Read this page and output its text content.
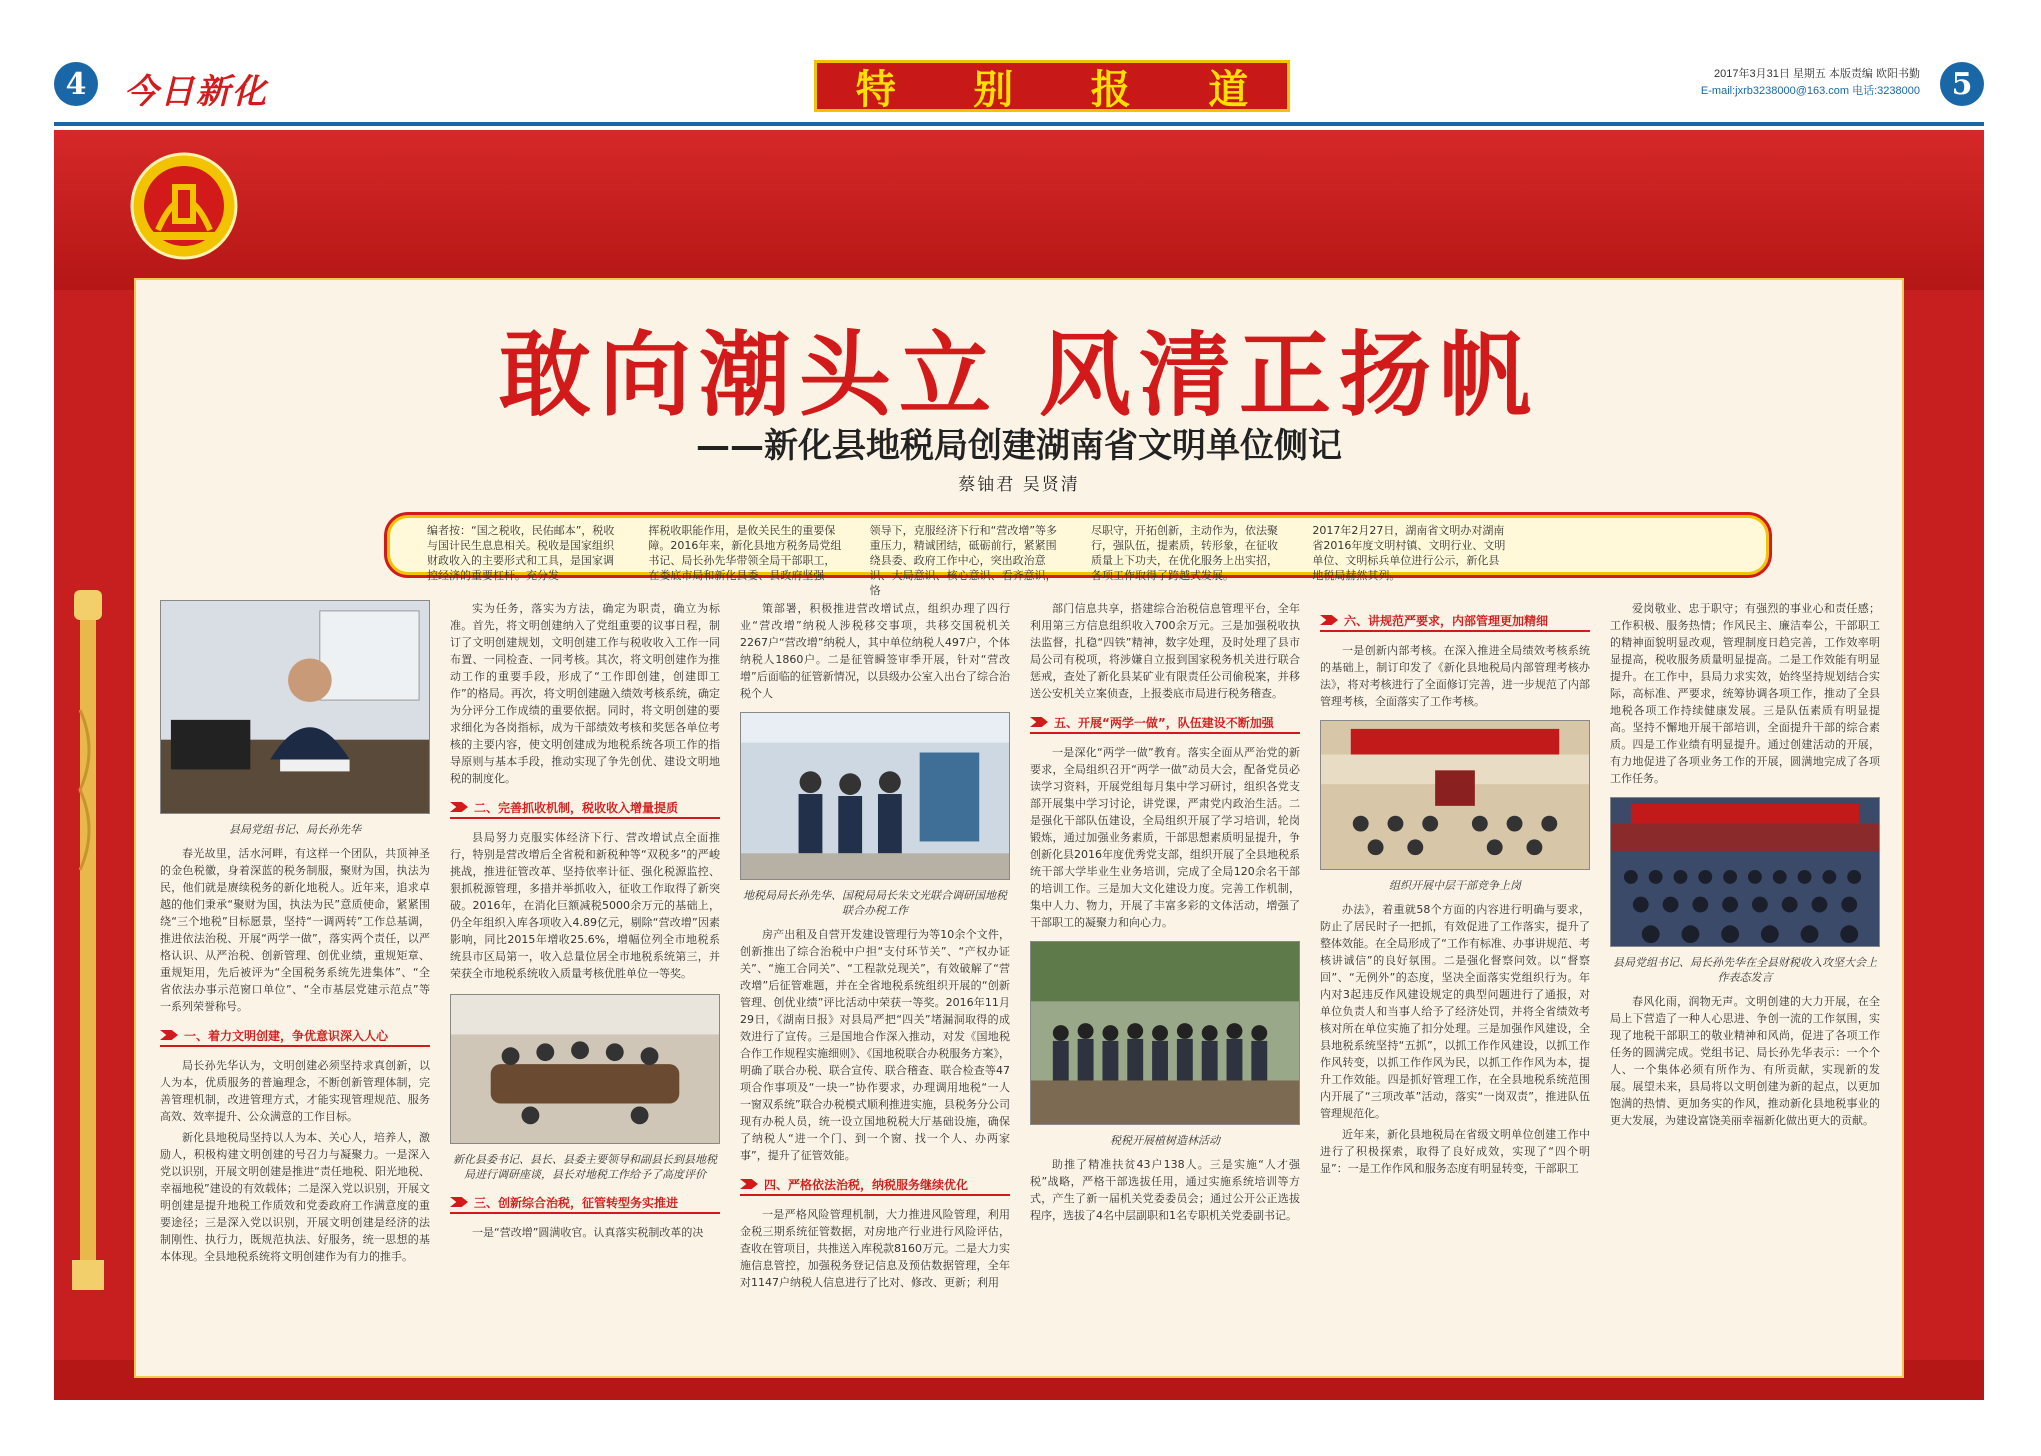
4	今日新化	特 别 报 道	2017年3月31日 星期五 本版责编 欧阳书勤
E-mail:jxrb3238000@163.com 电话:3238000	5
敢向潮头立 风清正扬帆
——新化县地税局创建湖南省文明单位侧记
蔡铀君 吴贤清

编者按：“国之税收，民佑邮本”，税收与国计民生息息相关。税收是国家组织财政收入的主要形式和工具，是国家调控经济的重要杠杆。充分发

挥税收职能作用，是攸关民生的重要保障。2016年来，新化县地方税务局党组书记、局长孙先华带领全局干部职工，在娄底市局和新化县委、县政府坚强

领导下，克服经济下行和“营改增”等多重压力，精诚团结，砥砺前行，紧紧围绕县委、政府工作中心，突出政治意识、大局意识、核心意识、看齐意识，恪

尽职守，开拓创新，主动作为，依法聚行，强队伍，提素质，转形象，在征收质量上下功夫，在优化服务上出实招，各项工作取得了跨越式发展。

2017年2月27日，湖南省文明办对湖南省2016年度文明村镇、文明行业、文明单位、文明标兵单位进行公示，新化县地税局赫然其列。

县局党组书记、局长孙先华

春光故里，活水河畔，有这样一个团队，共顶神圣的金色税徽，身着深蓝的税务制服，聚财为国，执法为民，他们就是赓续税务的新化地税人。近年来，追求卓越的他们秉承“聚财为国，执法为民”意质使命，紧紧围绕“三个地税”目标愿景，坚持“一调两转”工作总基调，推进依法治税、开展“两学一做”，落实两个责任，以严格认识、从严治税、创新管理、创优业绩，重规矩章、重规矩用，先后被评为“全国税务系统先进集体”、“全省依法办事示范窗口单位”、“全市基层党建示范点”等一系列荣誉称号。

一、着力文明创建，争优意识深入人心

局长孙先华认为，文明创建必须坚持求真创新，以人为本，优质服务的普遍理念，不断创新管理体制，完善管理机制，改进管理方式，才能实现管理规范、服务高效、效率提升、公众满意的工作目标。

新化县地税局坚持以人为本、关心人，培养人，激励人，积极构建文明创建的号召力与凝聚力。一是深入党以识别，开展文明创建是推进“责任地税、阳光地税、幸福地税”建设的有效载体；二是深入党以识别，开展文明创建是提升地税工作质效和党委政府工作满意度的重要途径；三是深入党以识别，开展文明创建是经济的法制刚性、执行力，既规范执法、好服务，统一思想的基本体现。全县地税系统将文明创建作为有力的推手。

实为任务，落实为方法，确定为职责，确立为标准。首先，将文明创建纳入了党组重要的议事日程，制订了文明创建规划，文明创建工作与税收收入工作一同布置、一同检查、一同考核。其次，将文明创建作为推动工作的重要手段，形成了“工作即创建，创建即工作”的格局。再次，将文明创建融入绩效考核系统，确定为分评分工作成绩的重要依据。同时，将文明创建的要求细化为各岗指标，成为干部绩效考核和奖惩各单位考核的主要内容，使文明创建成为地税系统各项工作的指导原则与基本手段，推动实现了争先创优、建设文明地税的制度化。

二、完善抓收机制，税收收入增量提质

县局努力克服实体经济下行、营改增试点全面推行，特别是营改增后全省税和新税种等“双税多”的严峻挑战，推进征管改革、坚持依率计征、强化税源监控、狠抓税源管理，多措并举抓收入，征收工作取得了新突破。2016年，在消化巨额减税5000余万元的基础上，仍全年组织入库各项收入4.89亿元，剔除“营改增”因素影响，同比2015年增收25.6%，增幅位列全市地税系统县市区局第一，收入总量位居全市地税系统第三，并荣获全市地税系统收入质量考核优胜单位一等奖。

新化县委书记、县长、县委主要领导和副县长到县地税局进行调研座谈，县长对地税工作给予了高度评价
三、创新综合治税，征管转型务实推进

一是“营改增”圆满收官。认真落实税制改革的决

策部署，积极推进营改增试点，组织办理了四行业“营改增”纳税人涉税移交事项，共移交国税机关2267户“营改增”纳税人，其中单位纳税人497户，个体纳税人1860户。二是征管瞬签审季开展，针对“营改增”后面临的征管新情况，以县级办公室入出台了综合治税个人

地税局局长孙先华、国税局局长朱文光联合调研国地税联合办税工作

房产出租及自营开发建设管理行为等10余个文件，创新推出了综合治税中户担“支付环节关”、“产权办证关”、“施工合同关”、“工程款兑现关”，有效破解了“营改增”后征管难题，并在全省地税系统组织开展的“创新管理、创优业绩”评比活动中荣获一等奖。2016年11月29日，《湖南日报》对县局严把“四关”堵漏洞取得的成效进行了宣传。三是国地合作深入推动，对发《国地税合作工作规程实施细则》、《国地税联合办税服务方案》，明确了联合办税、联合宣传、联合稽查、联合检查等47项合作事项及“一块一”协作要求，办理调用地税“一人一窗双系统”联合办税模式顺利推进实施，县税务分公司现有办税人员，统一设立国地税税大厅基础设施，确保了纳税人“进一个门、到一个窗、找一个人、办两家事”，提升了征管效能。

四、严格依法治税，纳税服务继续优化

一是严格风险管理机制，大力推进风险管理，利用金税三期系统征管数据，对房地产行业进行风险评估，查收在管项目，共推送入库税款8160万元。二是大力实施信息管控，加强税务登记信息及预估数据管理，全年对1147户纳税人信息进行了比对、修改、更新；利用

部门信息共享，搭建综合治税信息管理平台，全年利用第三方信息组织收入700余万元。三是加强税收执法监督，扎稳“四铁”精神，数字处理，及时处理了县市局公司有税项，将涉嫌自立报到国家税务机关进行联合惩戒，查处了新化县某矿业有限责任公司偷税案，并移送公安机关立案侦查，上报娄底市局进行税务稽查。

五、开展“两学一做”，队伍建设不断加强

一是深化“两学一做”教育。落实全面从严治党的新要求，全局组织召开“两学一做”动员大会，配备党员必读学习资料，开展党组每月集中学习研讨，组织各党支部开展集中学习讨论，讲党课，严肃党内政治生活。二是强化干部队伍建设，全局组织开展了学习培训，轮岗锻炼，通过加强业务素质，干部思想素质明显提升，争创新化县2016年度优秀党支部，组织开展了全县地税系统干部大学毕业生业务培训，完成了全局120余名干部的培训工作。三是加大文化建设力度。完善工作机制，集中人力、物力，开展了丰富多彩的文体活动，增强了干部职工的凝聚力和向心力。

税税开展植树造林活动

助推了精准扶贫43户138人。三是实施“人才强税”战略，严格干部选拔任用，通过实施系统培训等方式，产生了新一届机关党委委员会；通过公开公正选拔程序，选拔了4名中层副职和1名专职机关党委副书记。

六、讲规范严要求，内部管理更加精细

一是创新内部考核。在深入推进全局绩效考核系统的基础上，制订印发了《新化县地税局内部管理考核办法》，将对考核进行了全面修订完善，进一步规范了内部管理考核，全面落实了工作考核。

组织开展中层干部竞争上岗

办法》，着重就58个方面的内容进行明确与要求，防止了居民时子一把抓，有效促进了工作落实，提升了整体效能。在全局形成了“工作有标准、办事讲规范、考核讲诚信”的良好氛围。二是强化督察问效。以“督察回”、“无例外”的态度，坚决全面落实党组织行为。年内对3起违反作风建设规定的典型问题进行了通报，对单位负责人和当事人给予了经济处罚，并将全省绩效考核对所在单位实施了扣分处理。三是加强作风建设，全县地税系统坚持“五抓”，以抓工作作风建设，以抓工作作风转变，以抓工作作风为民，以抓工作作风为本，提升工作效能。四是抓好管理工作，在全县地税系统范围内开展了“三项改革”活动，落实“一岗双责”，推进队伍管理规范化。

近年来，新化县地税局在省级文明单位创建工作中进行了积极探索，取得了良好成效，实现了“四个明显”：一是工作作风和服务态度有明显转变，干部职工

爱岗敬业、忠于职守；有强烈的事业心和责任感；工作积极、服务热情；作风民主、廉洁奉公，干部职工的精神面貌明显改观，管理制度日趋完善，工作效率明显提高，税收服务质量明显提高。二是工作效能有明显提升。在工作中，县局力求实效，始终坚持规划结合实际，高标准、严要求，统筹协调各项工作，推动了全县地税各项工作持续健康发展。三是队伍素质有明显提高。坚持不懈地开展干部培训，全面提升干部的综合素质。四是工作业绩有明显提升。通过创建活动的开展，有力地促进了各项业务工作的开展，圆满地完成了各项工作任务。

县局党组书记、局长孙先华在全县财税收入攻坚大会上作表态发言

春风化雨，润物无声。文明创建的大力开展，在全局上下营造了一种人心思进、争创一流的工作氛围，实现了地税干部职工的敬业精神和风尚，促进了各项工作任务的圆满完成。党组书记、局长孙先华表示：一个个人、一个集体必须有所作为、有所贡献，实现新的发展。展望未来，县局将以文明创建为新的起点，以更加饱满的热情、更加务实的作风，推动新化县地税事业的更大发展，为建设富饶美丽幸福新化做出更大的贡献。
